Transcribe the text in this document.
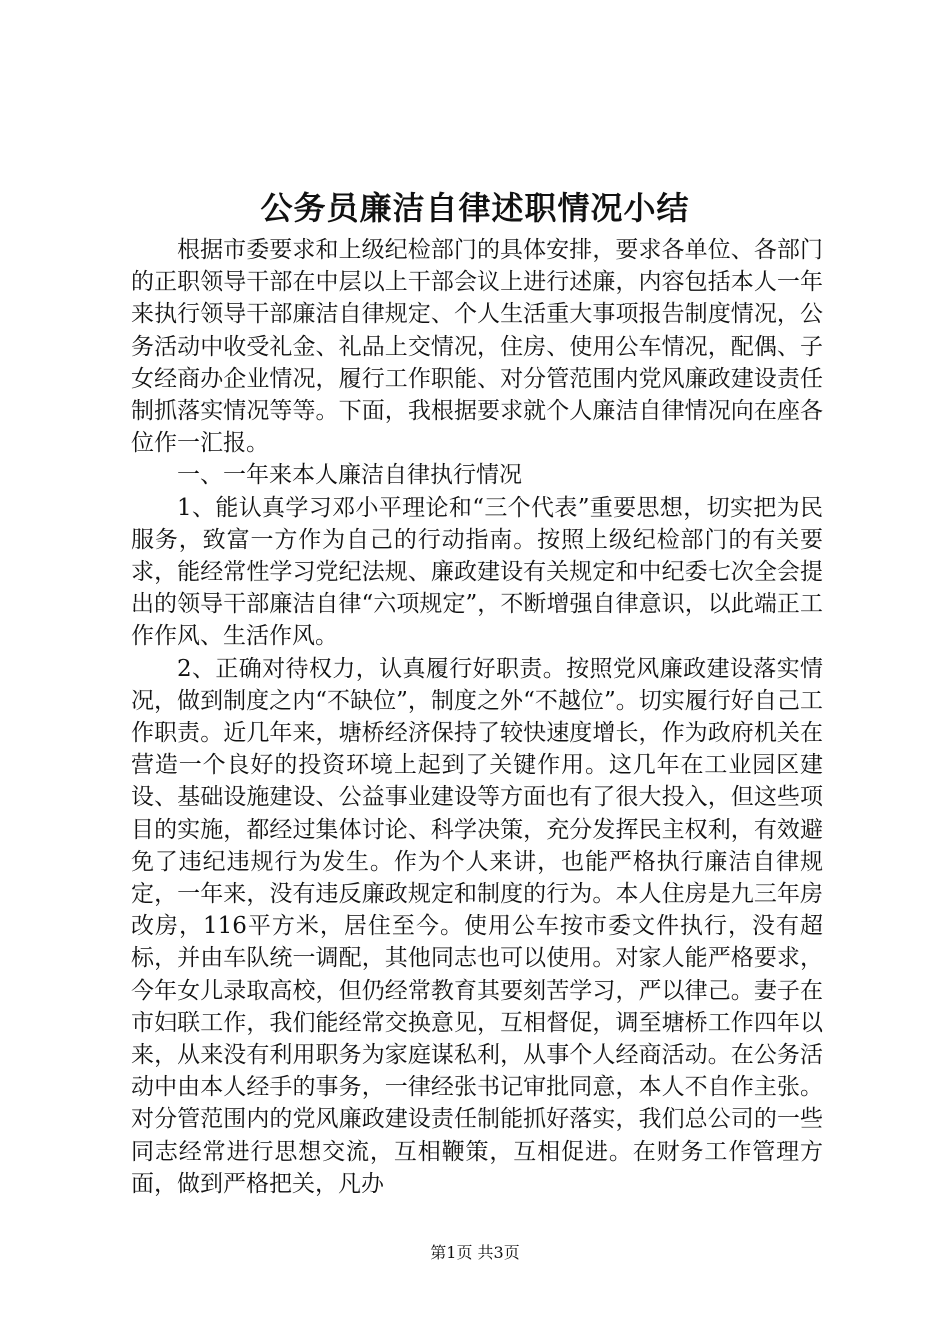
公务员廉洁自律述职情况小结

根据市委要求和上级纪检部门的具体安排，要求各单位、各部门的正职领导干部在中层以上干部会议上进行述廉，内容包括本人一年来执行领导干部廉洁自律规定、个人生活重大事项报告制度情况，公务活动中收受礼金、礼品上交情况，住房、使用公车情况，配偶、子女经商办企业情况，履行工作职能、对分管范围内党风廉政建设责任制抓落实情况等等。下面，我根据要求就个人廉洁自律情况向在座各位作一汇报。

一、一年来本人廉洁自律执行情况

1、能认真学习邓小平理论和“三个代表”重要思想，切实把为民服务，致富一方作为自己的行动指南。按照上级纪检部门的有关要求，能经常性学习党纪法规、廉政建设有关规定和中纪委七次全会提出的领导干部廉洁自律“六项规定”，不断增强自律意识，以此端正工作作风、生活作风。

2、正确对待权力，认真履行好职责。按照党风廉政建设落实情况，做到制度之内“不缺位”，制度之外“不越位”。切实履行好自己工作职责。近几年来，塘桥经济保持了较快速度增长，作为政府机关在营造一个良好的投资环境上起到了关键作用。这几年在工业园区建设、基础设施建设、公益事业建设等方面也有了很大投入，但这些项目的实施，都经过集体讨论、科学决策，充分发挥民主权利，有效避免了违纪违规行为发生。作为个人来讲，也能严格执行廉洁自律规定，一年来，没有违反廉政规定和制度的行为。本人住房是九三年房改房，116平方米，居住至今。使用公车按市委文件执行，没有超标，并由车队统一调配，其他同志也可以使用。对家人能严格要求，今年女儿录取高校，但仍经常教育其要刻苦学习，严以律己。妻子在市妇联工作，我们能经常交换意见，互相督促，调至塘桥工作四年以来，从来没有利用职务为家庭谋私利，从事个人经商活动。在公务活动中由本人经手的事务，一律经张书记审批同意，本人不自作主张。对分管范围内的党风廉政建设责任制能抓好落实，我们总公司的一些同志经常进行思想交流，互相鞭策，互相促进。在财务工作管理方面，做到严格把关，凡办

第1页 共3页
